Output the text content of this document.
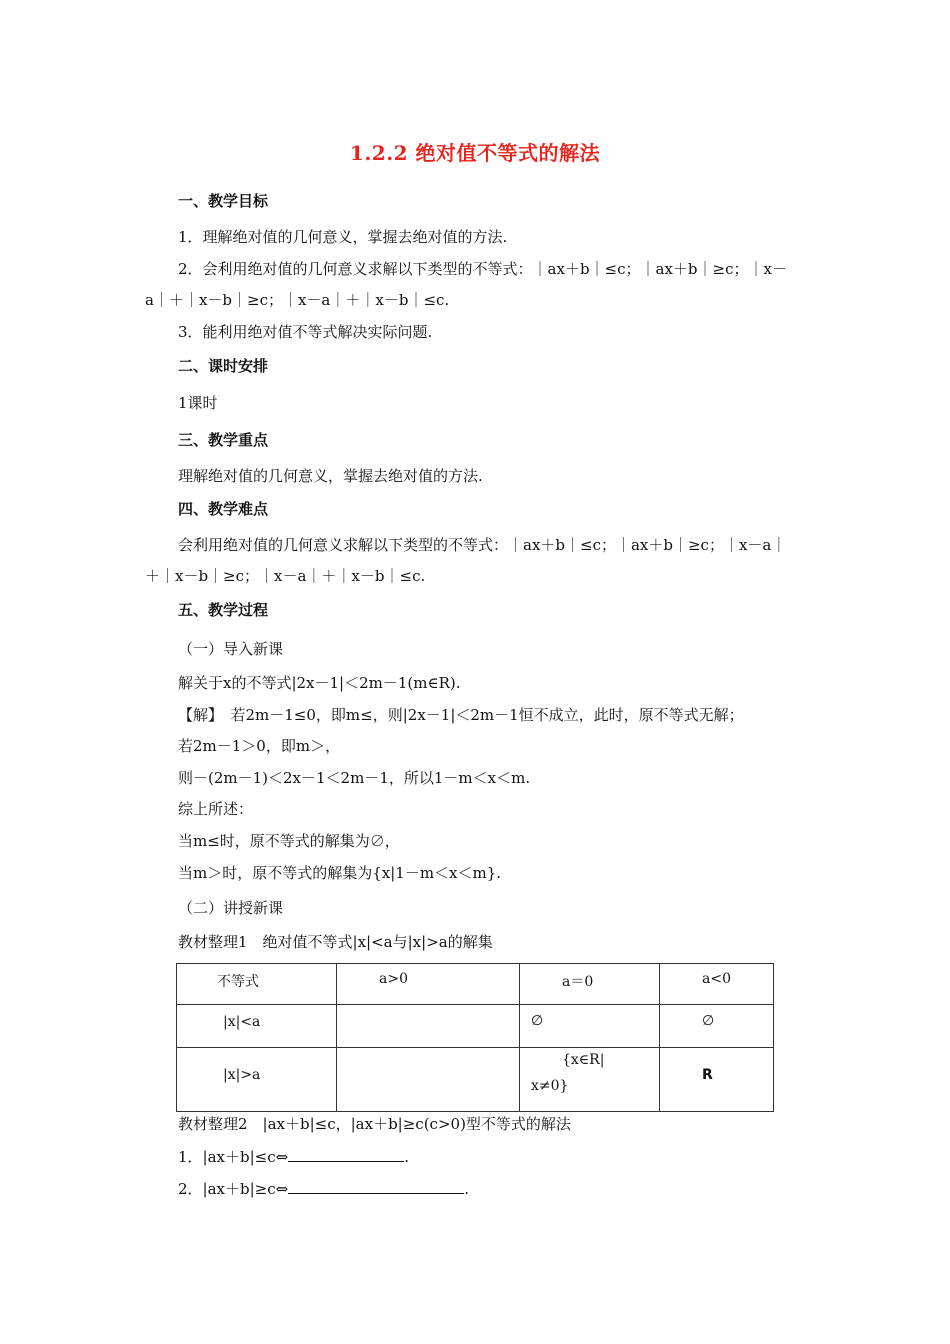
1.2.2 绝对值不等式的解法
一、教学目标
1．理解绝对值的几何意义，掌握去绝对值的方法.
2．会利用绝对值的几何意义求解以下类型的不等式：｜ax＋b｜≤c；｜ax＋b｜≥c；｜x－
a｜＋｜x－b｜≥c；｜x－a｜＋｜x－b｜≤c.
3．能利用绝对值不等式解决实际问题.
二、课时安排
1课时
三、教学重点
理解绝对值的几何意义，掌握去绝对值的方法.
四、教学难点
会利用绝对值的几何意义求解以下类型的不等式：｜ax＋b｜≤c；｜ax＋b｜≥c；｜x－a｜
＋｜x－b｜≥c；｜x－a｜＋｜x－b｜≤c.
五、教学过程
（一）导入新课
解关于x的不等式|2x－1|＜2m－1(m∈R).
【解】　若2m－1≤0，即m≤，则|2x－1|＜2m－1恒不成立，此时，原不等式无解；
若2m－1＞0，即m＞，
则－(2m－1)＜2x－1＜2m－1，所以1－m＜x＜m.
综上所述：
当m≤时，原不等式的解集为∅，
当m＞时，原不等式的解集为{x|1－m＜x＜m}.
（二）讲授新课
教材整理1　绝对值不等式|x|<a与|x|>a的解集
不等式	a>0	a＝0	a<0

|x|<a		∅	∅

|x|>a		{x∈R|
x≠0}	R
教材整理2　|ax＋b|≤c，|ax＋b|≥c(c>0)型不等式的解法
1．|ax＋b|≤c⇔	.
2．|ax＋b|≥c⇔	.
